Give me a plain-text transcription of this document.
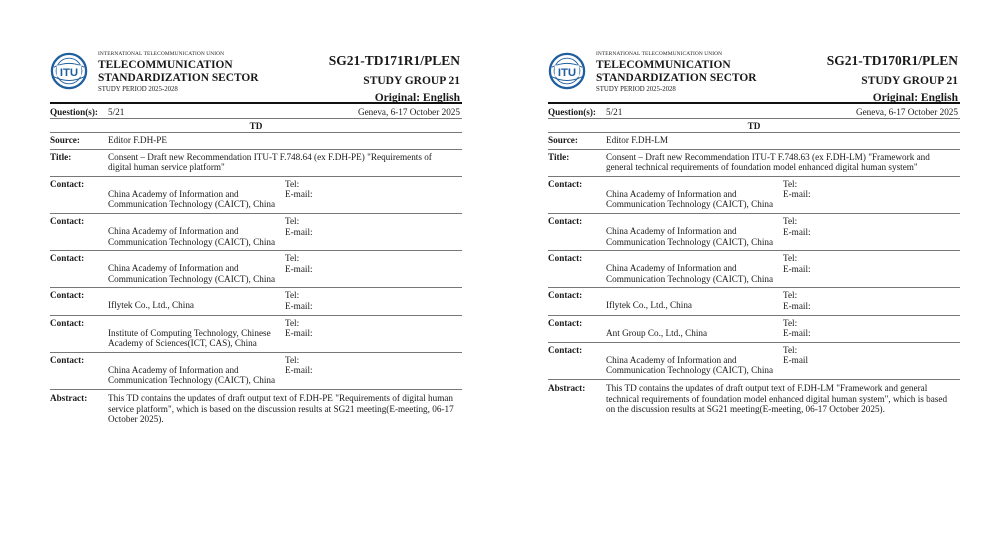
ITU
INTERNATIONAL TELECOMMUNICATION UNION
TELECOMMUNICATION
STANDARDIZATION SECTOR
STUDY PERIOD 2025-2028
SG21-TD171R1/PLEN
STUDY GROUP 21
Original: English
Question(s): 5/21	Geneva, 6-17 October 2025
TD
Source:	Editor F.DH-PE
Title:	Consent – Draft new Recommendation ITU-T F.748.64 (ex F.DH-PE) "Requirements of digital human service platform"
Contact:
China Academy of Information and Communication Technology (CAICT), China
Tel:
E-mail:
Contact:
China Academy of Information and Communication Technology (CAICT), China
Tel:
E-mail:
Contact:
China Academy of Information and Communication Technology (CAICT), China
Tel:
E-mail:
Contact:
Iflytek Co., Ltd., China
Tel:
E-mail:
Contact:
Institute of Computing Technology, Chinese Academy of Sciences(ICT, CAS), China
Tel:
E-mail:
Contact:
China Academy of Information and Communication Technology (CAICT), China
Tel:
E-mail:
Abstract:	This TD contains the updates of draft output text of F.DH-PE "Requirements of digital human service platform", which is based on the discussion results at SG21 meeting(E-meeting, 06-17 October 2025).
ITU
INTERNATIONAL TELECOMMUNICATION UNION
TELECOMMUNICATION
STANDARDIZATION SECTOR
STUDY PERIOD 2025-2028
SG21-TD170R1/PLEN
STUDY GROUP 21
Original: English
Question(s): 5/21	Geneva, 6-17 October 2025
TD
Source:	Editor F.DH-LM
Title:	Consent – Draft new Recommendation ITU-T F.748.63 (ex F.DH-LM) "Framework and general technical requirements of foundation model enhanced digital human system"
Contact:
China Academy of Information and Communication Technology (CAICT), China
Tel:
E-mail:
Contact:
China Academy of Information and Communication Technology (CAICT), China
Tel:
E-mail:
Contact:
China Academy of Information and Communication Technology (CAICT), China
Tel:
E-mail:
Contact:
Iflytek Co., Ltd., China
Tel:
E-mail:
Contact:
Ant Group Co., Ltd., China
Tel:
E-mail:
Contact:
China Academy of Information and Communication Technology (CAICT), China
Tel:
E-mail
Abstract:	This TD contains the updates of draft output text of F.DH-LM "Framework and general technical requirements of foundation model enhanced digital human system", which is based on the discussion results at SG21 meeting(E-meeting, 06-17 October 2025).
